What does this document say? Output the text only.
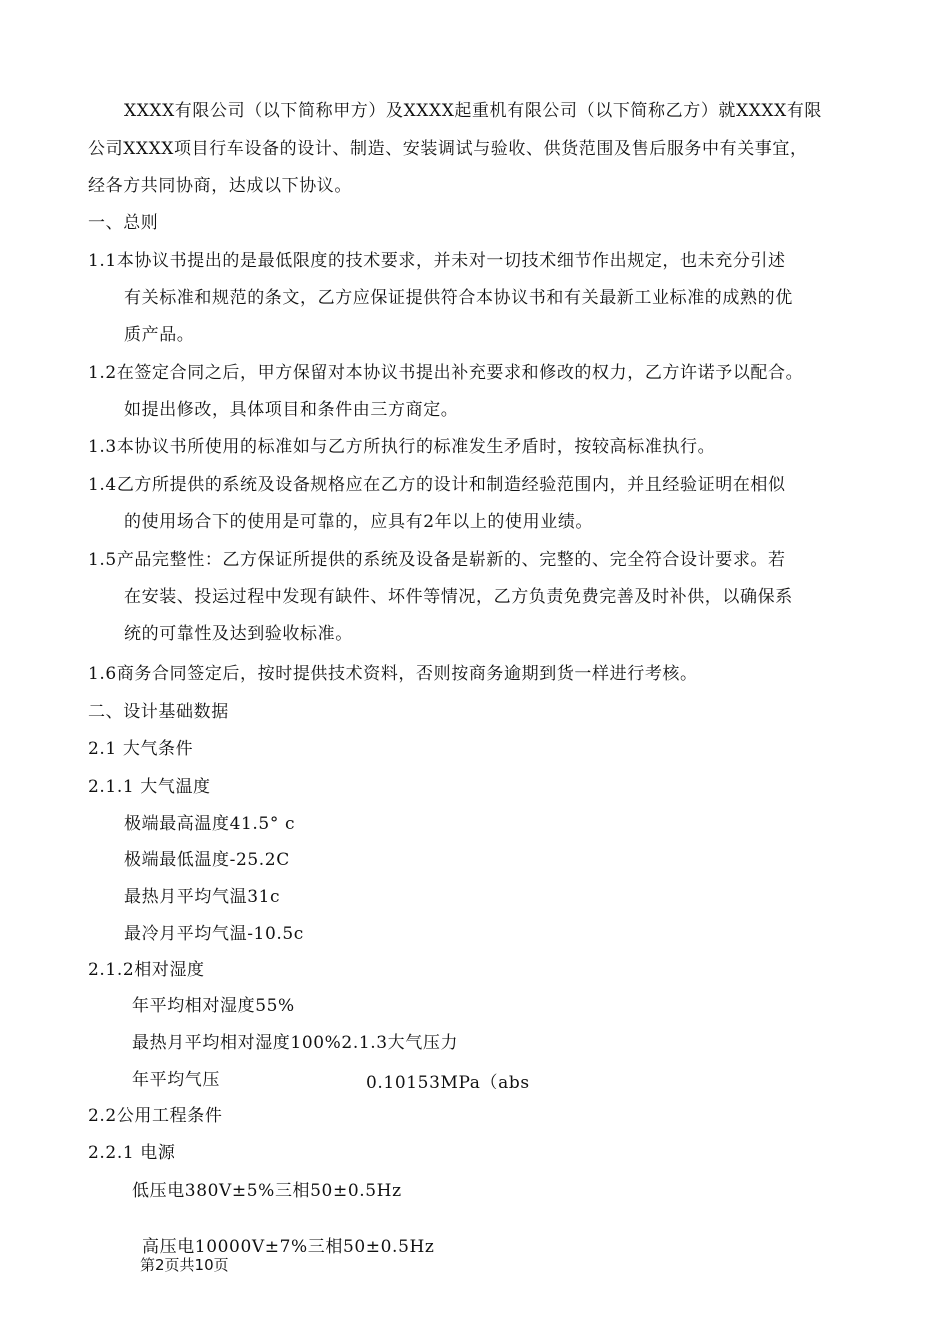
XXXX有限公司（以下简称甲方）及XXXX起重机有限公司（以下简称乙方）就XXXX有限
公司XXXX项目行车设备的设计、制造、安装调试与验收、供货范围及售后服务中有关事宜，
经各方共同协商，达成以下协议。
一、总则
1.1本协议书提出的是最低限度的技术要求，并未对一切技术细节作出规定，也未充分引述
有关标准和规范的条文，乙方应保证提供符合本协议书和有关最新工业标准的成熟的优
质产品。
1.2在签定合同之后，甲方保留对本协议书提出补充要求和修改的权力，乙方许诺予以配合。
如提出修改，具体项目和条件由三方商定。
1.3本协议书所使用的标准如与乙方所执行的标准发生矛盾时，按较高标准执行。
1.4乙方所提供的系统及设备规格应在乙方的设计和制造经验范围内，并且经验证明在相似
的使用场合下的使用是可靠的，应具有2年以上的使用业绩。
1.5产品完整性：乙方保证所提供的系统及设备是崭新的、完整的、完全符合设计要求。若
在安装、投运过程中发现有缺件、坏件等情况，乙方负责免费完善及时补供，以确保系
统的可靠性及达到验收标准。
1.6商务合同签定后，按时提供技术资料，否则按商务逾期到货一样进行考核。
二、设计基础数据
2.1 大气条件
2.1.1 大气温度
极端最高温度41.5° c
极端最低温度-25.2C
最热月平均气温31c
最冷月平均气温-10.5c
2.1.2相对湿度
年平均相对湿度55%
最热月平均相对湿度100%2.1.3大气压力
年平均气压	0.10153MPa（abs
2.2公用工程条件
2.2.1 电源
低压电380V±5%三相50±0.5Hz
高压电10000V±7%三相50±0.5Hz
第2页共10页
